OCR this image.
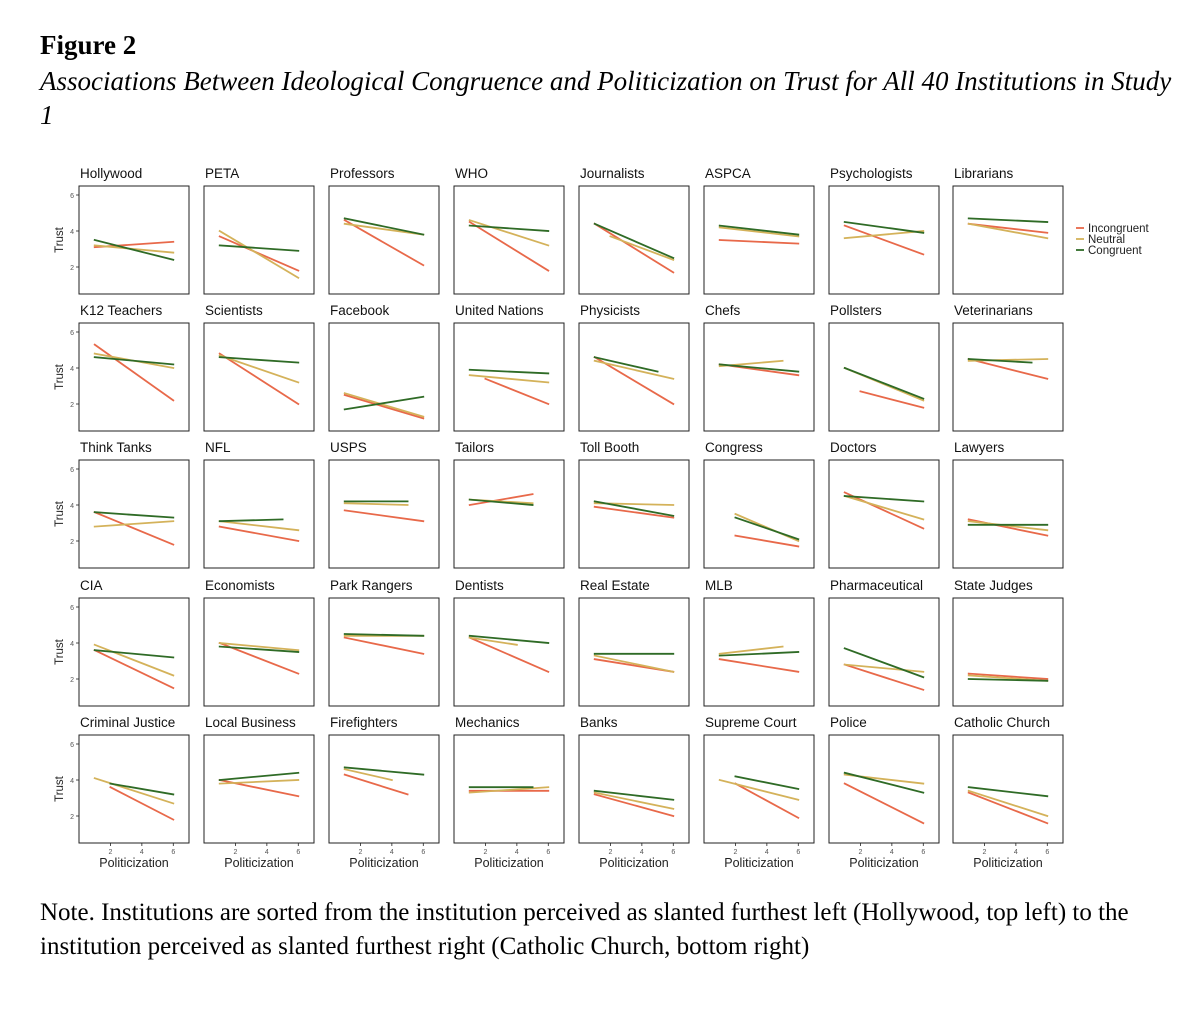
Figure 2
Associations Between Ideological Congruence and Politicization on Trust for All 40 Institutions in Study 1
Hollywood
2
4
6
Trust
PETA	Professors	WHO	Journalists	ASPCA	Psychologists	Librarians
K12 Teachers
2
4
6
Trust
Scientists	Facebook	United Nations	Physicists	Chefs	Pollsters	Veterinarians
Think Tanks
2
4
6
Trust
NFL	USPS	Tailors	Toll Booth	Congress	Doctors	Lawyers
CIA
2
4
6
Trust
Economists	Park Rangers	Dentists	Real Estate	MLB	Pharmaceutical State Judges
Criminal Justice
2
4
6
Trust
2	4	6
Politicization
Local Business
2	4	6
Politicization
Firefighters
2	4	6
Politicization
Mechanics
2	4	6
Politicization
Banks
2	4	6
Politicization
Supreme Court
2	4	6
Politicization
Police
2	4	6
Politicization
Catholic Church
2	4	6
Politicization
Incongruent
Neutral
Congruent
Note. Institutions are sorted from the institution perceived as slanted furthest left (Hollywood, top left) to the institution perceived as slanted furthest right (Catholic Church, bottom right)
